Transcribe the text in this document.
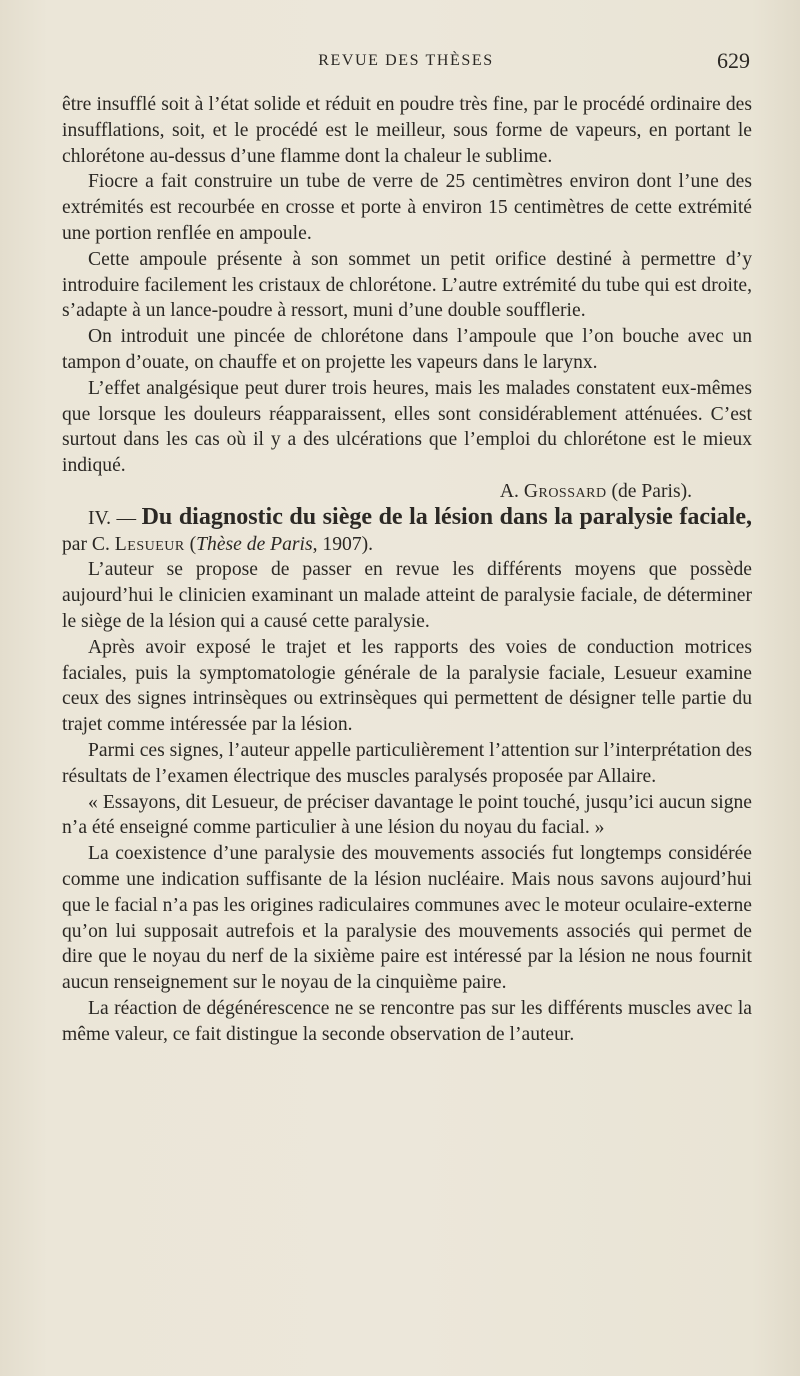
REVUE DES THÈSES	629

être insufflé soit à l’état solide et réduit en poudre très fine, par le procédé ordinaire des insufflations, soit, et le procédé est le meilleur, sous forme de vapeurs, en portant le chlorétone au-dessus d’une flamme dont la chaleur le sublime.

Fiocre a fait construire un tube de verre de 25 centimètres environ dont l’une des extrémités est recourbée en crosse et porte à environ 15 centimètres de cette extrémité une portion renflée en ampoule.

Cette ampoule présente à son sommet un petit orifice destiné à permettre d’y introduire facilement les cristaux de chlorétone. L’autre extrémité du tube qui est droite, s’adapte à un lance-poudre à ressort, muni d’une double soufflerie.

On introduit une pincée de chlorétone dans l’ampoule que l’on bouche avec un tampon d’ouate, on chauffe et on projette les vapeurs dans le larynx.

L’effet analgésique peut durer trois heures, mais les malades constatent eux-mêmes que lorsque les douleurs réapparaissent, elles sont considérablement atténuées. C’est surtout dans les cas où il y a des ulcérations que l’emploi du chlorétone est le mieux indiqué.

A. Grossard (de Paris).

IV. — Du diagnostic du siège de la lésion dans la paralysie faciale, par C. Lesueur (Thèse de Paris, 1907).

L’auteur se propose de passer en revue les différents moyens que possède aujourd’hui le clinicien examinant un malade atteint de paralysie faciale, de déterminer le siège de la lésion qui a causé cette paralysie.

Après avoir exposé le trajet et les rapports des voies de conduction motrices faciales, puis la symptomatologie générale de la paralysie faciale, Lesueur examine ceux des signes intrinsèques ou extrinsèques qui permettent de désigner telle partie du trajet comme intéressée par la lésion.

Parmi ces signes, l’auteur appelle particulièrement l’attention sur l’interprétation des résultats de l’examen électrique des muscles paralysés proposée par Allaire.

« Essayons, dit Lesueur, de préciser davantage le point touché, jusqu’ici aucun signe n’a été enseigné comme particulier à une lésion du noyau du facial. »

La coexistence d’une paralysie des mouvements associés fut longtemps considérée comme une indication suffisante de la lésion nucléaire. Mais nous savons aujourd’hui que le facial n’a pas les origines radiculaires communes avec le moteur oculaire-externe qu’on lui supposait autrefois et la paralysie des mouvements associés qui permet de dire que le noyau du nerf de la sixième paire est intéressé par la lésion ne nous fournit aucun renseignement sur le noyau de la cinquième paire.

La réaction de dégénérescence ne se rencontre pas sur les différents muscles avec la même valeur, ce fait distingue la seconde observation de l’auteur.
